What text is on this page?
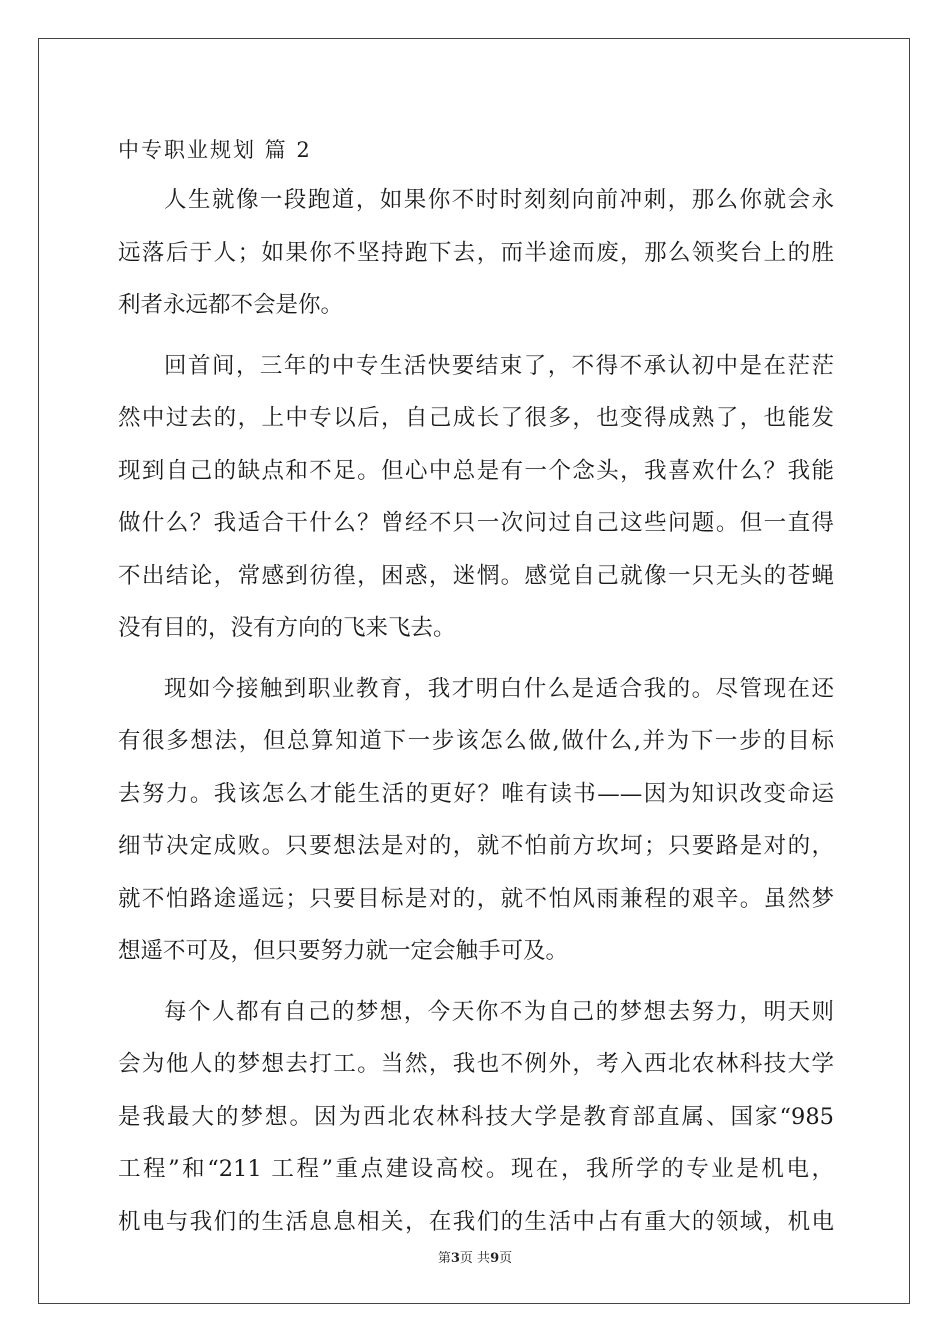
中专职业规划 篇 2
人生就像一段跑道，如果你不时时刻刻向前冲刺，那么你就会永
远落后于人；如果你不坚持跑下去，而半途而废，那么领奖台上的胜
利者永远都不会是你。
回首间，三年的中专生活快要结束了，不得不承认初中是在茫茫
然中过去的，上中专以后，自己成长了很多，也变得成熟了，也能发
现到自己的缺点和不足。但心中总是有一个念头，我喜欢什么？我能
做什么？我适合干什么？曾经不只一次问过自己这些问题。但一直得
不出结论，常感到彷徨，困惑，迷惘。感觉自己就像一只无头的苍蝇
没有目的，没有方向的飞来飞去。
现如今接触到职业教育，我才明白什么是适合我的。尽管现在还
有很多想法，但总算知道下一步该怎么做,做什么,并为下一步的目标
去努力。我该怎么才能生活的更好？唯有读书——因为知识改变命运
细节决定成败。只要想法是对的，就不怕前方坎坷；只要路是对的，
就不怕路途遥远；只要目标是对的，就不怕风雨兼程的艰辛。虽然梦
想遥不可及，但只要努力就一定会触手可及。
每个人都有自己的梦想，今天你不为自己的梦想去努力，明天则
会为他人的梦想去打工。当然，我也不例外，考入西北农林科技大学
是我最大的梦想。因为西北农林科技大学是教育部直属、国家“985
工程”和“211 工程”重点建设高校。现在，我所学的专业是机电，
机电与我们的生活息息相关，在我们的生活中占有重大的领域，机电
第3页 共9页
